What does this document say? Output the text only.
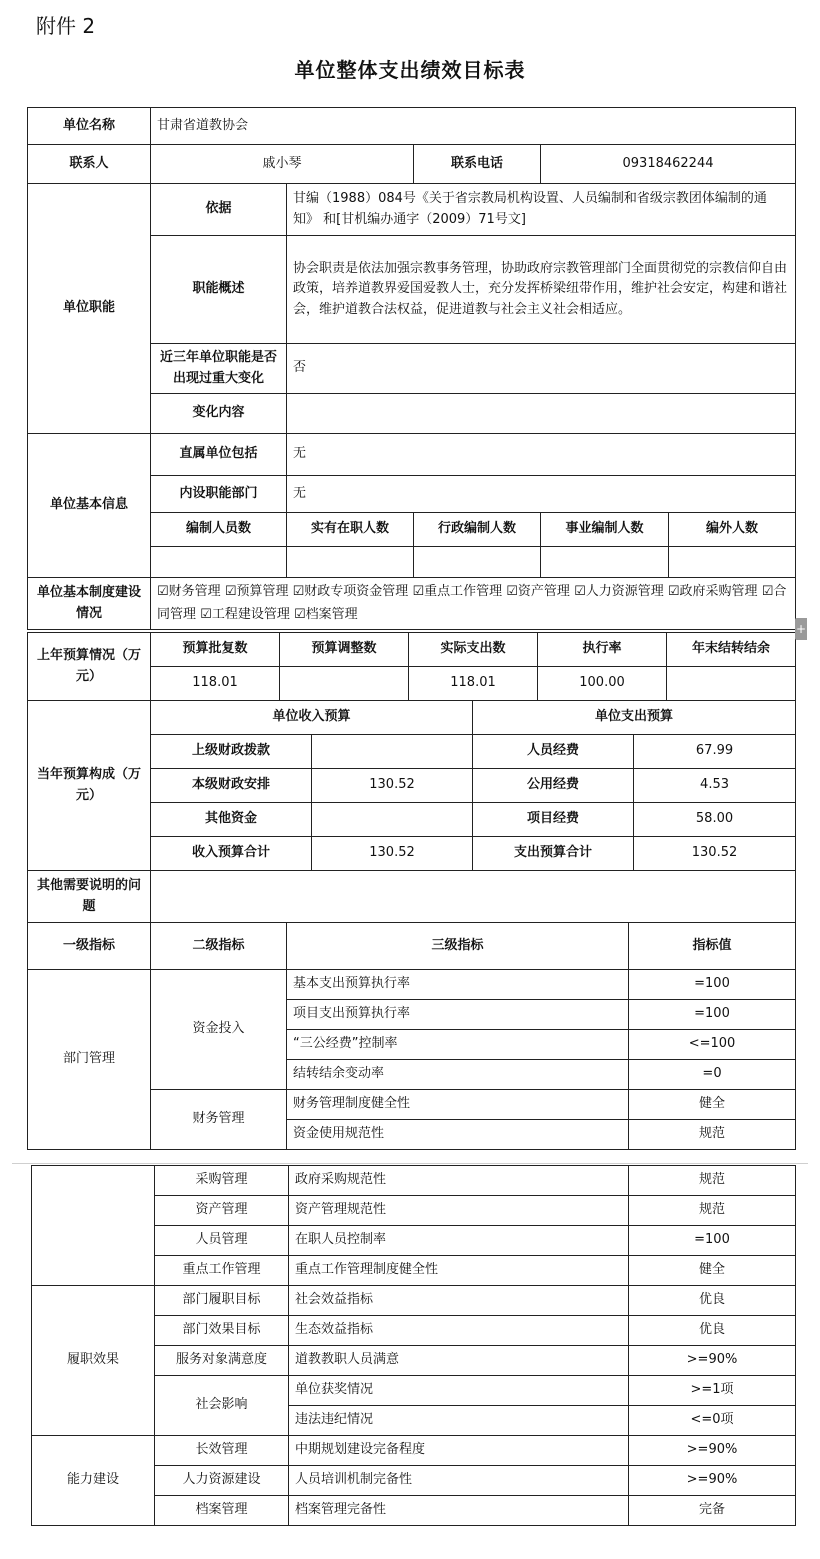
附件 2
单位整体支出绩效目标表
单位名称	甘肃省道教协会				
联系人	戚小琴		联系电话	09318462244	
单位职能	依据	甘编（1988）084号《关于省宗教局机构设置、人员编制和省级宗教团体编制的通知》 和[甘机编办通字（2009）71号文]			
	职能概述	协会职责是依法加强宗教事务管理，协助政府宗教管理部门全面贯彻党的宗教信仰自由政策，培养道教界爱国爱教人士，充分发挥桥梁纽带作用，维护社会安定，构建和谐社会，维护道教合法权益，促进道教与社会主义社会相适应。			
	近三年单位职能是否出现过重大变化	否			
	变化内容				
单位基本信息	直属单位包括	无			
	内设职能部门	无			
	编制人员数	实有在职人数	行政编制人数	事业编制人数	编外人数

单位基本制度建设情况	☑财务管理 ☑预算管理 ☑财政专项资金管理 ☑重点工作管理 ☑资产管理 ☑人力资源管理 ☑政府采购管理 ☑合同管理 ☑工程建设管理 ☑档案管理				
上年预算情况（万元）	预算批复数	预算调整数	实际支出数	执行率	年末结转结余
	118.01		118.01	100.00	
当年预算构成（万元）	单位收入预算		单位支出预算	
	上级财政拨款		人员经费	67.99
	本级财政安排	130.52	公用经费	4.53
	其他资金		项目经费	58.00
	收入预算合计	130.52	支出预算合计	130.52
其他需要说明的问题			
一级指标	二级指标	三级指标	指标值
部门管理	资金投入	基本支出预算执行率	=100
		项目支出预算执行率	=100
		“三公经费”控制率	<=100
		结转结余变动率	=0
	财务管理	财务管理制度健全性	健全
		资金使用规范性	规范
	采购管理	政府采购规范性	规范
	资产管理	资产管理规范性	规范
	人员管理	在职人员控制率	=100
	重点工作管理	重点工作管理制度健全性	健全
履职效果	部门履职目标	社会效益指标	优良
	部门效果目标	生态效益指标	优良
	服务对象满意度	道教教职人员满意	>=90%
	社会影响	单位获奖情况	>=1项
		违法违纪情况	<=0项
能力建设	长效管理	中期规划建设完备程度	>=90%
	人力资源建设	人员培训机制完备性	>=90%
	档案管理	档案管理完备性	完备
+
